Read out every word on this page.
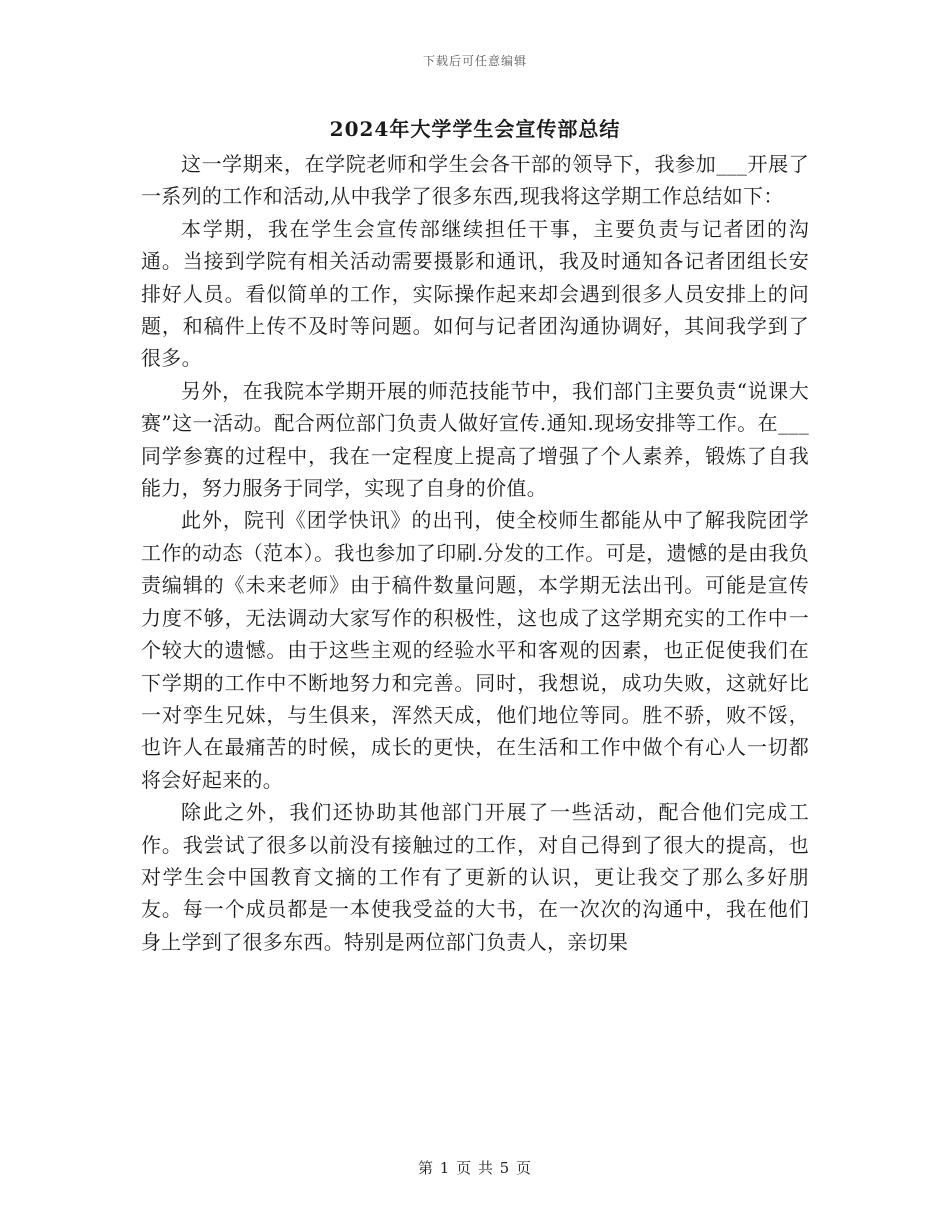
下载后可任意编辑
2024年大学学生会宣传部总结

这一学期来，在学院老师和学生会各干部的领导下，我参加___开展了一系列的工作和活动,从中我学了很多东西,现我将这学期工作总结如下：

本学期，我在学生会宣传部继续担任干事，主要负责与记者团的沟通。当接到学院有相关活动需要摄影和通讯，我及时通知各记者团组长安排好人员。看似简单的工作，实际操作起来却会遇到很多人员安排上的问题，和稿件上传不及时等问题。如何与记者团沟通协调好，其间我学到了很多。

另外，在我院本学期开展的师范技能节中，我们部门主要负责“说课大赛”这一活动。配合两位部门负责人做好宣传.通知.现场安排等工作。在___同学参赛的过程中，我在一定程度上提高了增强了个人素养，锻炼了自我能力，努力服务于同学，实现了自身的价值。

此外，院刊《团学快讯》的出刊，使全校师生都能从中了解我院团学工作的动态（范本）。我也参加了印刷.分发的工作。可是，遗憾的是由我负责编辑的《未来老师》由于稿件数量问题，本学期无法出刊。可能是宣传力度不够，无法调动大家写作的积极性，这也成了这学期充实的工作中一个较大的遗憾。由于这些主观的经验水平和客观的因素，也正促使我们在下学期的工作中不断地努力和完善。同时，我想说，成功失败，这就好比一对孪生兄妹，与生俱来，浑然天成，他们地位等同。胜不骄，败不馁，也许人在最痛苦的时候，成长的更快，在生活和工作中做个有心人一切都将会好起来的。

除此之外，我们还协助其他部门开展了一些活动，配合他们完成工作。我尝试了很多以前没有接触过的工作，对自己得到了很大的提高，也对学生会中国教育文摘的工作有了更新的认识，更让我交了那么多好朋友。每一个成员都是一本使我受益的大书，在一次次的沟通中，我在他们身上学到了很多东西。特别是两位部门负责人，亲切果

第 1 页 共 5 页
